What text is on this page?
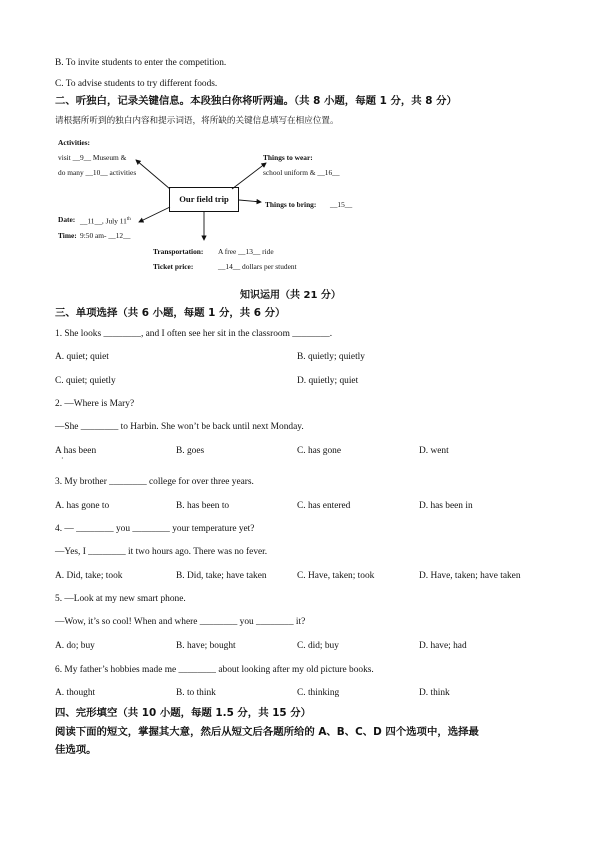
B. To invite students to enter the competition.
C. To advise students to try different foods.
二、听独白，记录关键信息。本段独白你将听两遍。（共 8 小题，每题 1 分，共 8 分）
请根据所听到的独白内容和提示词语，将所缺的关键信息填写在相应位置。
Our field trip
Activities:
visit __9__ Museum &
do many __10__ activities
Things to wear:
school uniform & __16__
Things to bring: __15__
Date: __11__, July 11th
Time: 9:50 am- __12__
Transportation: A free __13__ ride
Ticket price:	__14__ dollars per student
知识运用（共 21 分）
三、单项选择（共 6 小题，每题 1 分，共 6 分）
1. She looks ________, and I often see her sit in the classroom ________.
A. quiet; quiet	B. quietly; quietly
C. quiet; quietly	D. quietly; quiet
2. —Where is Mary?
—She ________ to Harbin. She won’t be back until next Monday.
A has been
·
B. goes	C. has gone	D. went
3. My brother ________ college for over three years.
A. has gone to	B. has been to	C. has entered	D. has been in
4. — ________ you ________ your temperature yet?
—Yes, I ________ it two hours ago. There was no fever.
A. Did, take; took	B. Did, take; have taken	C. Have, taken; took	D. Have, taken; have taken
5. —Look at my new smart phone.
—Wow, it’s so cool! When and where ________ you ________ it?
A. do; buy	B. have; bought	C. did; buy	D. have; had
6. My father’s hobbies made me ________ about looking after my old picture books.
A. thought	B. to think	C. thinking	D. think
四、完形填空（共 10 小题，每题 1.5 分，共 15 分）
阅读下面的短文，掌握其大意，然后从短文后各题所给的 A、B、C、D 四个选项中，选择最
佳选项。
